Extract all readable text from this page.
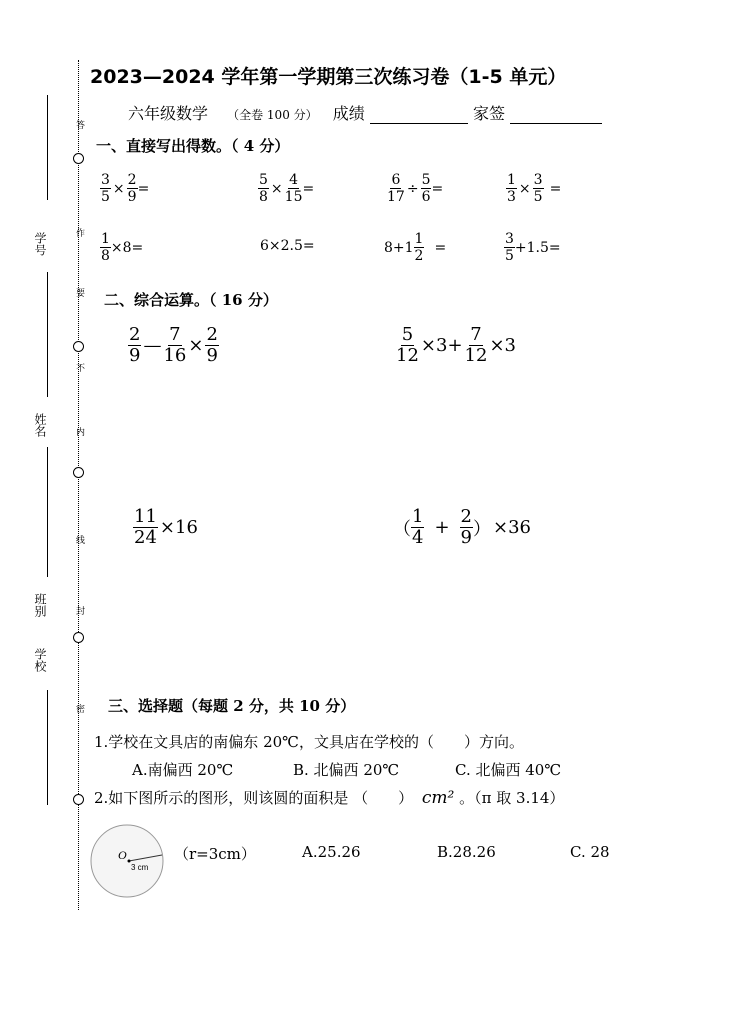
学号
姓名
班别
学校
答
作
要
不
内
线
封
密
2023—2024 学年第一学期第三次练习卷（1-5 单元）
六年级数学 （全卷 100 分） 成绩	家签
一、直接写出得数。（ 4 分）
$\frac{3}{5} \times \frac{2}{9}$ =	$\frac{5}{8} \times \frac{4}{15}$ =	$\frac{6}{17} \div \frac{5}{6}$ =	$\frac{1}{3} \times \frac{3}{5}$ =
$\frac{1}{8} \times 8=$	6×2.5=	$8+1 \frac{1}{2}$ =	$\frac{3}{5} +1.5=$
二、综合运算。（ 16 分）
$\frac{2}{9}$ — $\frac{7}{16} \times \frac{2}{9}$	$\frac{5}{12} \times 3+ \frac{7}{12} \times 3$
$\frac{11}{24} \times 16$	（ $\frac{1}{4} + \frac{2}{9}$ ） ×36
三、选择题（每题 2 分，共 10 分）
1.学校在文具店的南偏东 20℃，文具店在学校的（　　）方向。
A.南偏西 20℃	B. 北偏西 20℃	C. 北偏西 40℃
2.如下图所示的图形，则该圆的面积是 （　　） cm² 。（π 取 3.14）
O
3 cm
（r=3cm）	A.25.26	B.28.26	C. 28
